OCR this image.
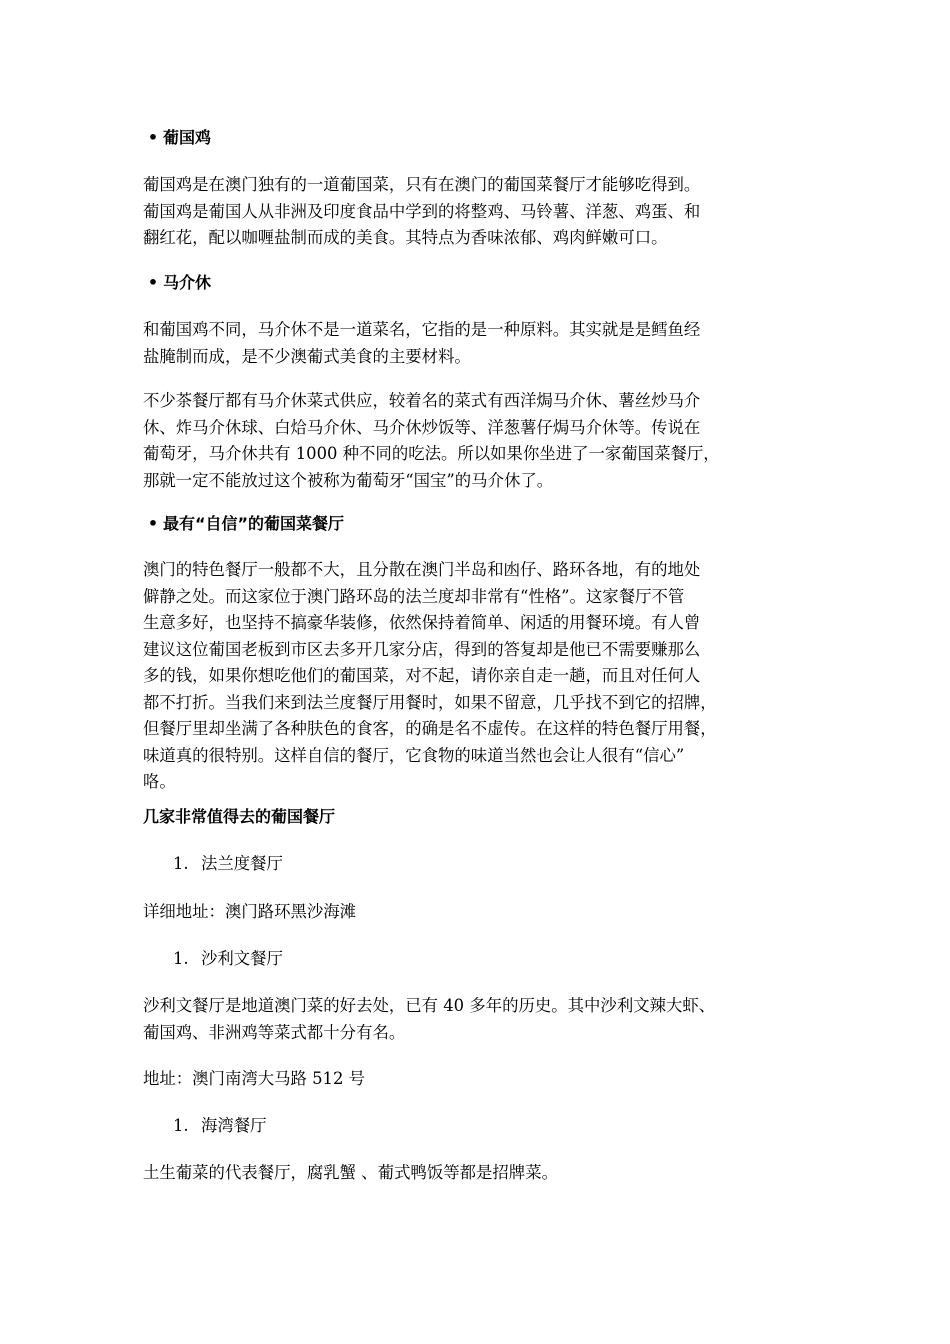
• 葡国鸡
葡国鸡是在澳门独有的一道葡国菜，只有在澳门的葡国菜餐厅才能够吃得到。
葡国鸡是葡国人从非洲及印度食品中学到的将整鸡、马铃薯、洋葱、鸡蛋、和
翻红花，配以咖喱盐制而成的美食。其特点为香味浓郁、鸡肉鲜嫩可口。
• 马介休
和葡国鸡不同，马介休不是一道菜名，它指的是一种原料。其实就是是鳕鱼经
盐腌制而成，是不少澳葡式美食的主要材料。
不少茶餐厅都有马介休菜式供应，较着名的菜式有西洋焗马介休、薯丝炒马介
休、炸马介休球、白烚马介休、马介休炒饭等、洋葱薯仔焗马介休等。传说在
葡萄牙，马介休共有 1000 种不同的吃法。所以如果你坐进了一家葡国菜餐厅，
那就一定不能放过这个被称为葡萄牙“国宝”的马介休了。
• 最有“自信”的葡国菜餐厅
澳门的特色餐厅一般都不大，且分散在澳门半岛和凼仔、路环各地，有的地处
僻静之处。而这家位于澳门路环岛的法兰度却非常有“性格”。这家餐厅不管
生意多好，也坚持不搞豪华装修，依然保持着简单、闲适的用餐环境。有人曾
建议这位葡国老板到市区去多开几家分店，得到的答复却是他已不需要赚那么
多的钱，如果你想吃他们的葡国菜，对不起，请你亲自走一趟，而且对任何人
都不打折。当我们来到法兰度餐厅用餐时，如果不留意，几乎找不到它的招牌，
但餐厅里却坐满了各种肤色的食客，的确是名不虚传。在这样的特色餐厅用餐，
味道真的很特别。这样自信的餐厅，它食物的味道当然也会让人很有“信心”
咯。
几家非常值得去的葡国餐厅
1. 法兰度餐厅
详细地址：澳门路环黑沙海滩
1. 沙利文餐厅
沙利文餐厅是地道澳门菜的好去处，已有 40 多年的历史。其中沙利文辣大虾、
葡国鸡、非洲鸡等菜式都十分有名。
地址：澳门南湾大马路 512 号
1. 海湾餐厅
土生葡菜的代表餐厅，腐乳蟹 、葡式鸭饭等都是招牌菜。
